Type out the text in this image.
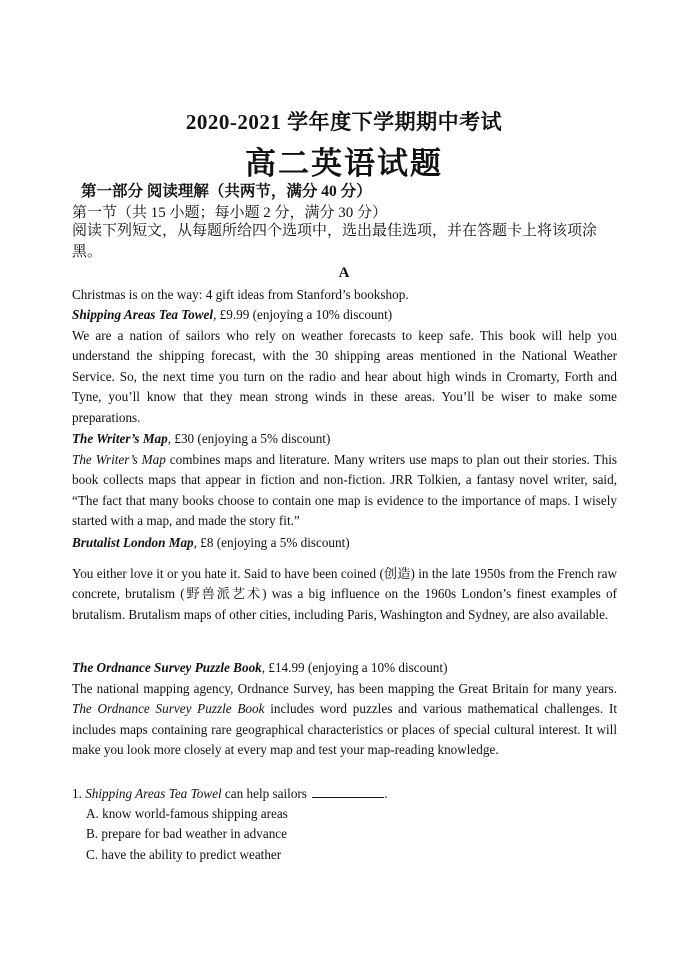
2020-2021 学年度下学期期中考试
高二英语试题
第一部分 阅读理解（共两节，满分 40 分）
第一节（共 15 小题；每小题 2 分，满分 30 分）
阅读下列短文，从每题所给四个选项中，选出最佳选项，并在答题卡上将该项涂黑。
A
Christmas is on the way: 4 gift ideas from Stanford’s bookshop.
Shipping Areas Tea Towel, £9.99 (enjoying a 10% discount)
We are a nation of sailors who rely on weather forecasts to keep safe. This book will help you understand the shipping forecast, with the 30 shipping areas mentioned in the National Weather Service. So, the next time you turn on the radio and hear about high winds in Cromarty, Forth and Tyne, you’ll know that they mean strong winds in these areas. You’ll be wiser to make some preparations.
The Writer’s Map, £30 (enjoying a 5% discount)
The Writer’s Map combines maps and literature. Many writers use maps to plan out their stories. This book collects maps that appear in fiction and non-fiction. JRR Tolkien, a fantasy novel writer, said, “The fact that many books choose to contain one map is evidence to the importance of maps. I wisely started with a map, and made the story fit.”
Brutalist London Map, £8 (enjoying a 5% discount)
You either love it or you hate it. Said to have been coined (创造) in the late 1950s from the French raw concrete, brutalism (野兽派艺术) was a big influence on the 1960s London’s finest examples of brutalism. Brutalism maps of other cities, including Paris, Washington and Sydney, are also available.
The Ordnance Survey Puzzle Book, £14.99 (enjoying a 10% discount)
The national mapping agency, Ordnance Survey, has been mapping the Great Britain for many years. The Ordnance Survey Puzzle Book includes word puzzles and various mathematical challenges. It includes maps containing rare geographical characteristics or places of special cultural interest. It will make you look more closely at every map and test your map-reading knowledge.
1. Shipping Areas Tea Towel can help sailors	.
A. know world-famous shipping areas
B. prepare for bad weather in advance
C. have the ability to predict weather
